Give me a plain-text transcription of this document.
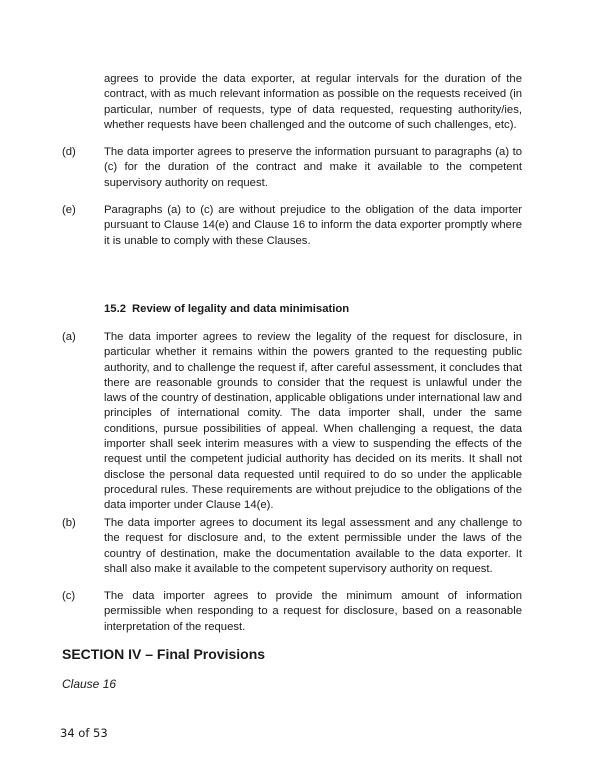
agrees to provide the data exporter, at regular intervals for the duration of the contract, with as much relevant information as possible on the requests received (in particular, number of requests, type of data requested, requesting authority/ies, whether requests have been challenged and the outcome of such challenges, etc).

(d) The data importer agrees to preserve the information pursuant to paragraphs (a) to (c) for the duration of the contract and make it available to the competent supervisory authority on request.

(e) Paragraphs (a) to (c) are without prejudice to the obligation of the data importer pursuant to Clause 14(e) and Clause 16 to inform the data exporter promptly where it is unable to comply with these Clauses.

15.2 Review of legality and data minimisation
(a) The data importer agrees to review the legality of the request for disclosure, in particular whether it remains within the powers granted to the requesting public authority, and to challenge the request if, after careful assessment, it concludes that there are reasonable grounds to consider that the request is unlawful under the laws of the country of destination, applicable obligations under international law and principles of international comity. The data importer shall, under the same conditions, pursue possibilities of appeal. When challenging a request, the data importer shall seek interim measures with a view to suspending the effects of the request until the competent judicial authority has decided on its merits. It shall not disclose the personal data requested until required to do so under the applicable procedural rules. These requirements are without prejudice to the obligations of the data importer under Clause 14(e).

(b) The data importer agrees to document its legal assessment and any challenge to the request for disclosure and, to the extent permissible under the laws of the country of destination, make the documentation available to the data exporter. It shall also make it available to the competent supervisory authority on request.

(c)	The data importer agrees to provide the minimum amount of information permissible when responding to a request for disclosure, based on a reasonable interpretation of the request.

SECTION IV – Final Provisions
Clause 16
34 of 53
